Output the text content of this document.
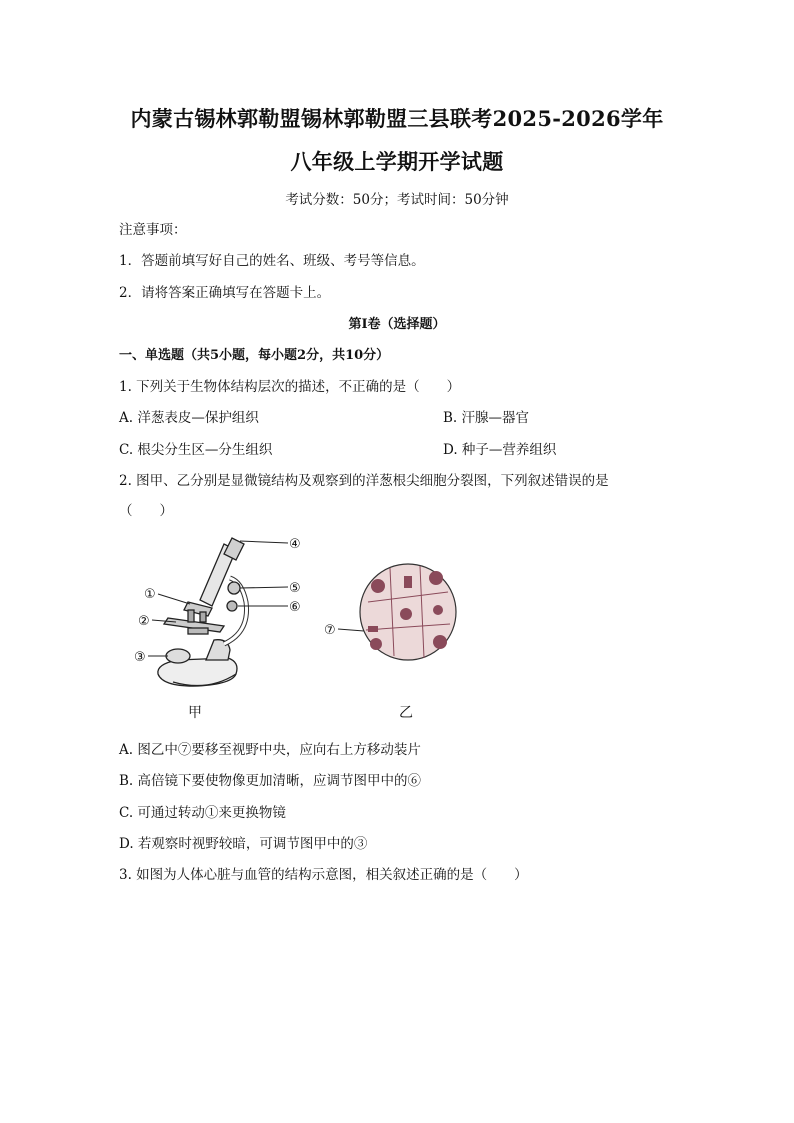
内蒙古锡林郭勒盟锡林郭勒盟三县联考2025-2026学年
八年级上学期开学试题
考试分数：50分；考试时间：50分钟
注意事项：
1．答题前填写好自己的姓名、班级、考号等信息。
2．请将答案正确填写在答题卡上。
第I卷（选择题）
一、单选题（共5小题，每小题2分，共10分）
1. 下列关于生物体结构层次的描述，不正确的是（　　）
A. 洋葱表皮—保护组织	B. 汗腺—器官
C. 根尖分生区—分生组织	D. 种子—营养组织
2. 图甲、乙分别是显微镜结构及观察到的洋葱根尖细胞分裂图，下列叙述错误的是
（　　）
④
⑤
⑥
①
②
③
⑦
甲	乙
A. 图乙中⑦要移至视野中央，应向右上方移动装片
B. 高倍镜下要使物像更加清晰，应调节图甲中的⑥
C. 可通过转动①来更换物镜
D. 若观察时视野较暗，可调节图甲中的③
3. 如图为人体心脏与血管的结构示意图，相关叙述正确的是（　　）
